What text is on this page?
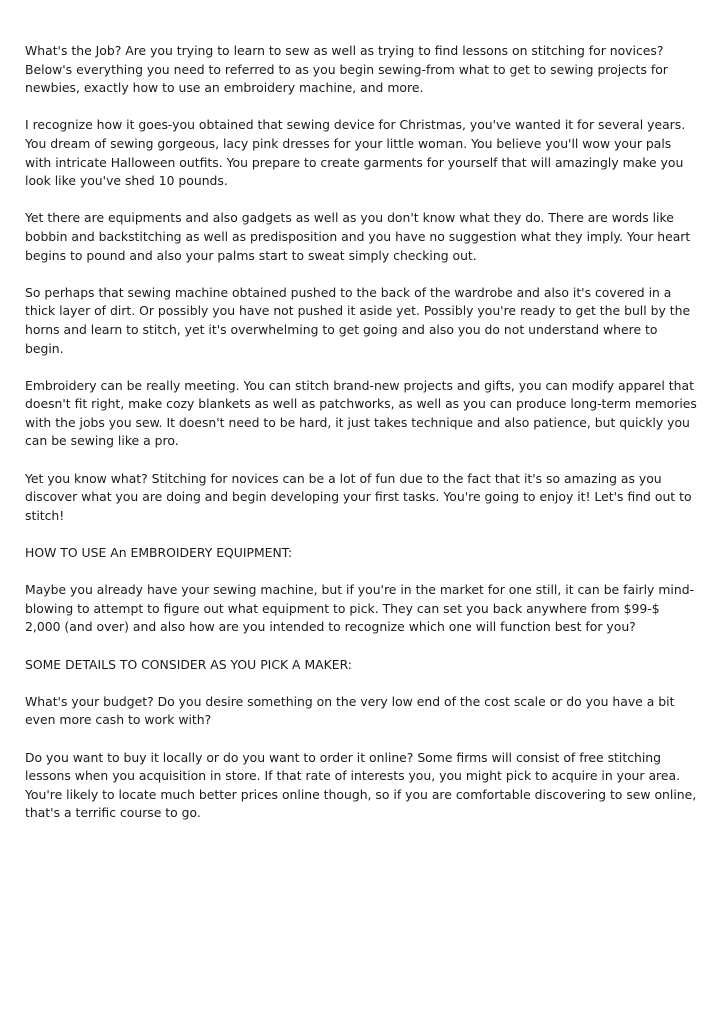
What's the Job? Are you trying to learn to sew as well as trying to find lessons on stitching for novices? Below's everything you need to referred to as you begin sewing-from what to get to sewing projects for newbies, exactly how to use an embroidery machine, and more.

I recognize how it goes-you obtained that sewing device for Christmas, you've wanted it for several years. You dream of sewing gorgeous, lacy pink dresses for your little woman. You believe you'll wow your pals with intricate Halloween outfits. You prepare to create garments for yourself that will amazingly make you look like you've shed 10 pounds.

Yet there are equipments and also gadgets as well as you don't know what they do. There are words like bobbin and backstitching as well as predisposition and you have no suggestion what they imply. Your heart begins to pound and also your palms start to sweat simply checking out.

So perhaps that sewing machine obtained pushed to the back of the wardrobe and also it's covered in a thick layer of dirt. Or possibly you have not pushed it aside yet. Possibly you're ready to get the bull by the horns and learn to stitch, yet it's overwhelming to get going and also you do not understand where to begin.

Embroidery can be really meeting. You can stitch brand-new projects and gifts, you can modify apparel that doesn't fit right, make cozy blankets as well as patchworks, as well as you can produce long-term memories with the jobs you sew. It doesn't need to be hard, it just takes technique and also patience, but quickly you can be sewing like a pro.

Yet you know what? Stitching for novices can be a lot of fun due to the fact that it's so amazing as you discover what you are doing and begin developing your first tasks. You're going to enjoy it! Let's find out to stitch!

HOW TO USE An EMBROIDERY EQUIPMENT:

Maybe you already have your sewing machine, but if you're in the market for one still, it can be fairly mind-blowing to attempt to figure out what equipment to pick. They can set you back anywhere from $99-$ 2,000 (and over) and also how are you intended to recognize which one will function best for you?

SOME DETAILS TO CONSIDER AS YOU PICK A MAKER:

What's your budget? Do you desire something on the very low end of the cost scale or do you have a bit even more cash to work with?

Do you want to buy it locally or do you want to order it online? Some firms will consist of free stitching lessons when you acquisition in store. If that rate of interests you, you might pick to acquire in your area. You're likely to locate much better prices online though, so if you are comfortable discovering to sew online, that's a terrific course to go.
